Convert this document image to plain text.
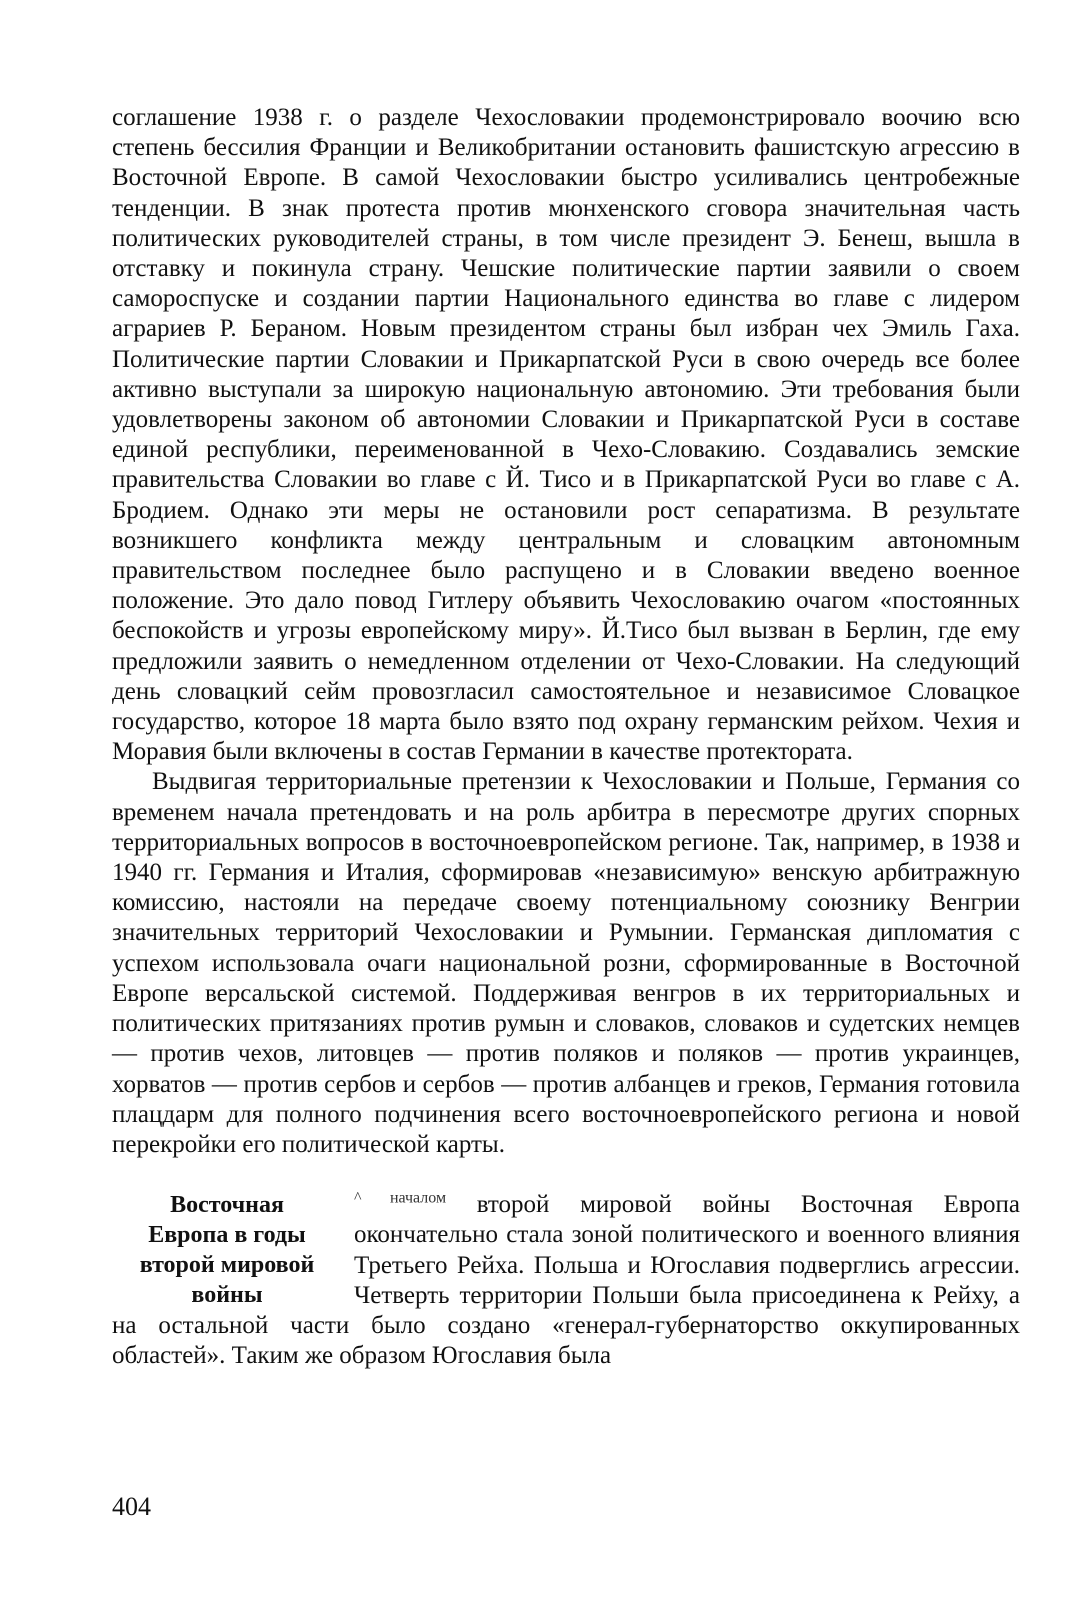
соглашение 1938 г. о разделе Чехословакии продемонстрировало воочию всю степень бессилия Франции и Великобритании остановить фашистскую агрессию в Восточной Европе. В самой Чехословакии быстро усиливались центробежные тенденции. В знак протеста против мюнхенского сговора значительная часть политических руководителей страны, в том числе президент Э. Бенеш, вышла в отставку и покинула страну. Чешские политические партии заявили о своем самороспуске и создании партии Национального единства во главе с лидером аграриев Р. Бераном. Новым президентом страны был избран чех Эмиль Гаха. Политические партии Словакии и Прикарпатской Руси в свою очередь все более активно выступали за широкую национальную автономию. Эти требования были удовлетворены законом об автономии Словакии и Прикарпатской Руси в составе единой республики, переименованной в Чехо-Словакию. Создавались земские правительства Словакии во главе с Й. Тисо и в Прикарпатской Руси во главе с А. Бродием. Однако эти меры не остановили рост сепаратизма. В результате возникшего конфликта между центральным и словацким автономным правительством последнее было распущено и в Словакии введено военное положение. Это дало повод Гитлеру объявить Чехословакию очагом «постоянных беспокойств и угрозы европейскому миру». Й.Тисо был вызван в Берлин, где ему предложили заявить о немедленном отделении от Чехо-Словакии. На следующий день словацкий сейм провозгласил самостоятельное и независимое Словацкое государство, которое 18 марта было взято под охрану германским рейхом. Чехия и Моравия были включены в состав Германии в качестве протектората.

Выдвигая территориальные претензии к Чехословакии и Польше, Германия со временем начала претендовать и на роль арбитра в пересмотре других спорных территориальных вопросов в восточноевропейском регионе. Так, например, в 1938 и 1940 гг. Германия и Италия, сформировав «независимую» венскую арбитражную комиссию, настояли на передаче своему потенциальному союзнику Венгрии значительных территорий Чехословакии и Румынии. Германская дипломатия с успехом использовала очаги национальной розни, сформированные в Восточной Европе версальской системой. Поддерживая венгров в их территориальных и политических притязаниях против румын и словаков, словаков и судетских немцев — против чехов, литовцев — против поляков и поляков — против украинцев, хорватов — против сербов и сербов — против албанцев и греков, Германия готовила плацдарм для полного подчинения всего восточноевропейского региона и новой перекройки его политической карты.

Восточная
Европа в годы
второй мировой
войны

$^{\^{} началом}$ второй мировой войны Восточная Европа окончательно стала зоной политического и военного влияния Третьего Рейха. Польша и Югославия подверглись агрессии. Четверть территории Польши была присоединена к Рейху, а на остальной части было создано «генерал-губернаторство оккупированных областей». Таким же образом Югославия была

404
